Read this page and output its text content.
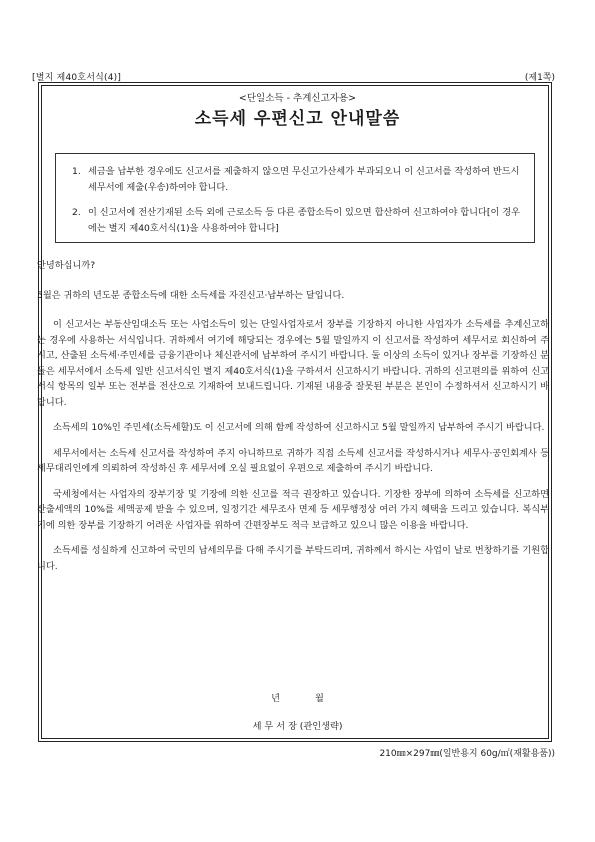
[별지 제40호서식(4)]	(제1쪽)
<단일소득 - 추계신고자용>
소득세 우편신고 안내말씀
1. 세금을 납부한 경우에도 신고서를 제출하지 않으면 무신고가산세가 부과되오니 이 신고서를 작성하여 반드시 세무서에 제출(우송)하여야 합니다.
2. 이 신고서에 전산기재된 소득 외에 근로소득 등 다른 종합소득이 있으면 합산하여 신고하여야 합니다[이 경우에는 별지 제40호서식(1)을 사용하여야 합니다]

안녕하십니까?

5월은 귀하의 년도분 종합소득에 대한 소득세를 자진신고·납부하는 달입니다.

이 신고서는 부동산임대소득 또는 사업소득이 있는 단일사업자로서 장부를 기장하지 아니한 사업자가 소득세를 추계신고하는 경우에 사용하는 서식입니다. 귀하께서 여기에 해당되는 경우에는 5월 말일까지 이 신고서를 작성하여 세무서로 회신하여 주시고, 산출된 소득세·주민세를 금융기관이나 체신관서에 납부하여 주시기 바랍니다. 둘 이상의 소득이 있거나 장부를 기장하신 분들은 세무서에서 소득세 일반 신고서식인 별지 제40호서식(1)을 구하셔서 신고하시기 바랍니다. 귀하의 신고편의를 위하여 신고서식 항목의 일부 또는 전부를 전산으로 기재하여 보내드립니다. 기재된 내용중 잘못된 부분은 본인이 수정하셔서 신고하시기 바랍니다.

소득세의 10%인 주민세(소득세할)도 이 신고서에 의해 함께 작성하여 신고하시고 5월 말일까지 납부하여 주시기 바랍니다.

세무서에서는 소득세 신고서를 작성하여 주지 아니하므로 귀하가 직접 소득세 신고서를 작성하시거나 세무사·공인회계사 등 세무대리인에게 의뢰하여 작성하신 후 세무서에 오실 필요없이 우편으로 제출하여 주시기 바랍니다.

국세청에서는 사업자의 장부기장 및 기장에 의한 신고를 적극 권장하고 있습니다. 기장한 장부에 의하여 소득세를 신고하면 산출세액의 10%를 세액공제 받을 수 있으며, 일정기간 세무조사 면제 등 세무행정상 여러 가지 혜택을 드리고 있습니다. 복식부기에 의한 장부를 기장하기 어려운 사업자를 위하여 간편장부도 적극 보급하고 있으니 많은 이용을 바랍니다.

소득세를 성실하게 신고하여 국민의 납세의무를 다해 주시기를 부탁드리며, 귀하께서 하시는 사업이 날로 번창하기를 기원합니다.

년	월
세 무 서 장 (관인생략)
210㎜×297㎜(일반용지 60g/㎡(재활용품))
